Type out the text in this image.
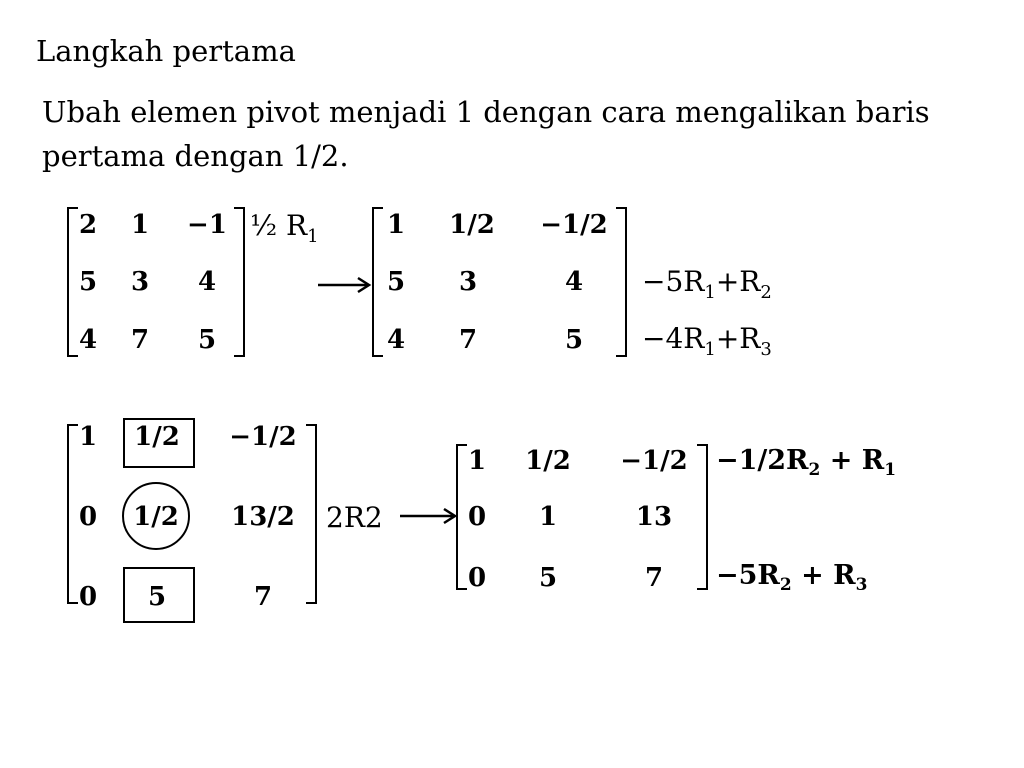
Langkah pertama
Ubah elemen pivot menjadi 1 dengan cara mengalikan baris pertama dengan 1/2.
2	1	−1
5	3	4
4	7	5
½ $R_1$	1	1/2	−1/2
5	3	4
4	7	5
$-5R_1+R_2$
$-4R_1+R_3$
1	1/2	−1/2
0	1/2	13/2
0	5	7
2R2
1	1/2	−1/2
0	1	13
0	5	7
$-1/2R_2 + R_1$
$-5R_2 + R_3$
